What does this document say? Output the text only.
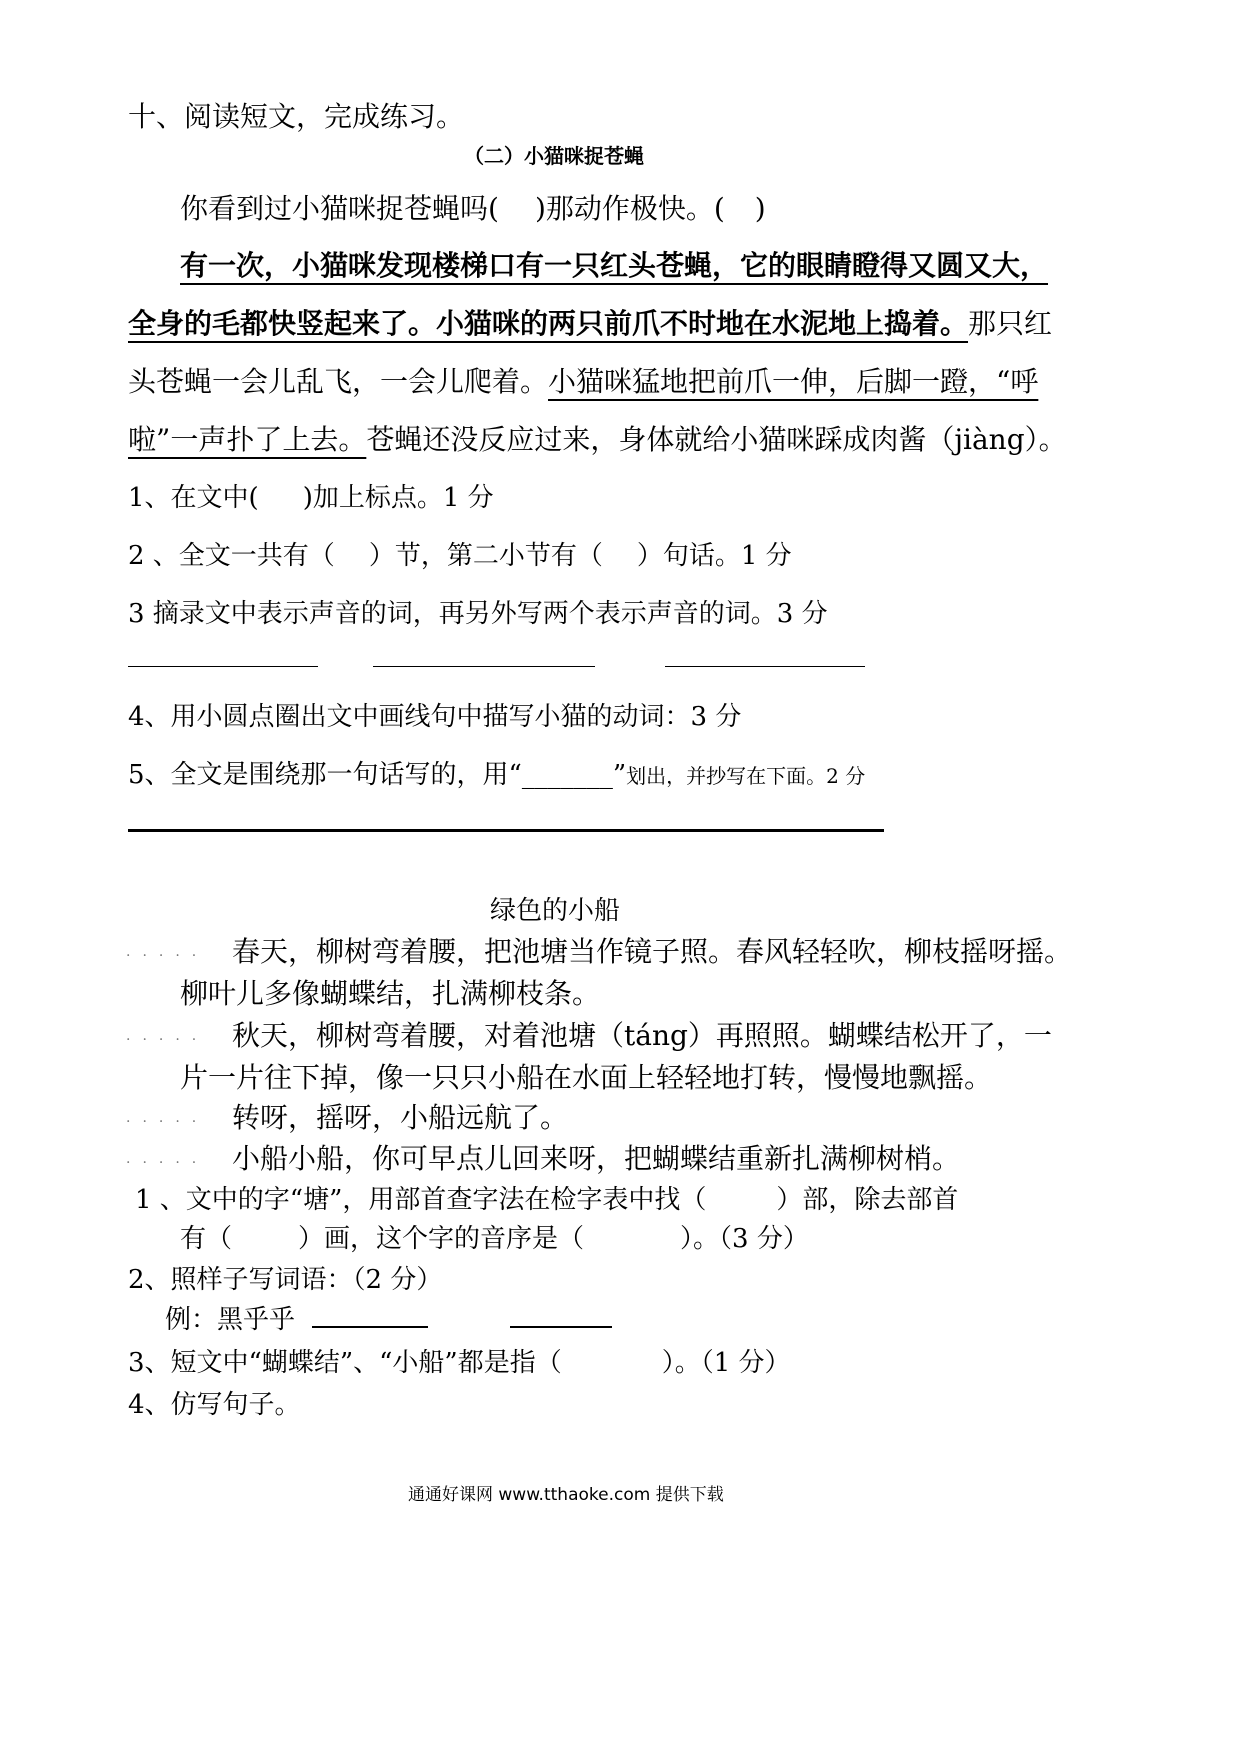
十、阅读短文，完成练习。
（二）小猫咪捉苍蝇
你看到过小猫咪捉苍蝇吗( )那动作极快。( )
有一次，小猫咪发现楼梯口有一只红头苍蝇，它的眼睛瞪得又圆又大，
全身的毛都快竖起来了。小猫咪的两只前爪不时地在水泥地上捣着。那只红
头苍蝇一会儿乱飞，一会儿爬着。小猫咪猛地把前爪一伸，后脚一蹬，“呼
啦”一声扑了上去。苍蝇还没反应过来，身体就给小猫咪踩成肉酱（jiàng）。
1、在文中( )加上标点。1 分
2 、全文一共有（ ）节，第二小节有（ ）句话。1 分
3 摘录文中表示声音的词，再另外写两个表示声音的词。3 分
4、用小圆点圈出文中画线句中描写小猫的动词：3 分
5、全文是围绕那一句话写的，用“_______”划出，并抄写在下面。2 分
绿色的小船
····· 春天，柳树弯着腰，把池塘当作镜子照。春风轻轻吹，柳枝摇呀摇。
柳叶儿多像蝴蝶结，扎满柳枝条。
····· 秋天，柳树弯着腰，对着池塘（táng）再照照。蝴蝶结松开了，一
片一片往下掉，像一只只小船在水面上轻轻地打转，慢慢地飘摇。
····· 转呀，摇呀，小船远航了。
····· 小船小船，你可早点儿回来呀，把蝴蝶结重新扎满柳树梢。
1 、文中的字“塘”，用部首查字法在检字表中找（	）部，除去部首
有（	）画，这个字的音序是（	）。（3 分）
2、照样子写词语：（2 分）
例：黑乎乎
3、短文中“蝴蝶结”、“小船”都是指（	）。（1 分）
4、仿写句子。
通通好课网 www.tthaoke.com 提供下载
